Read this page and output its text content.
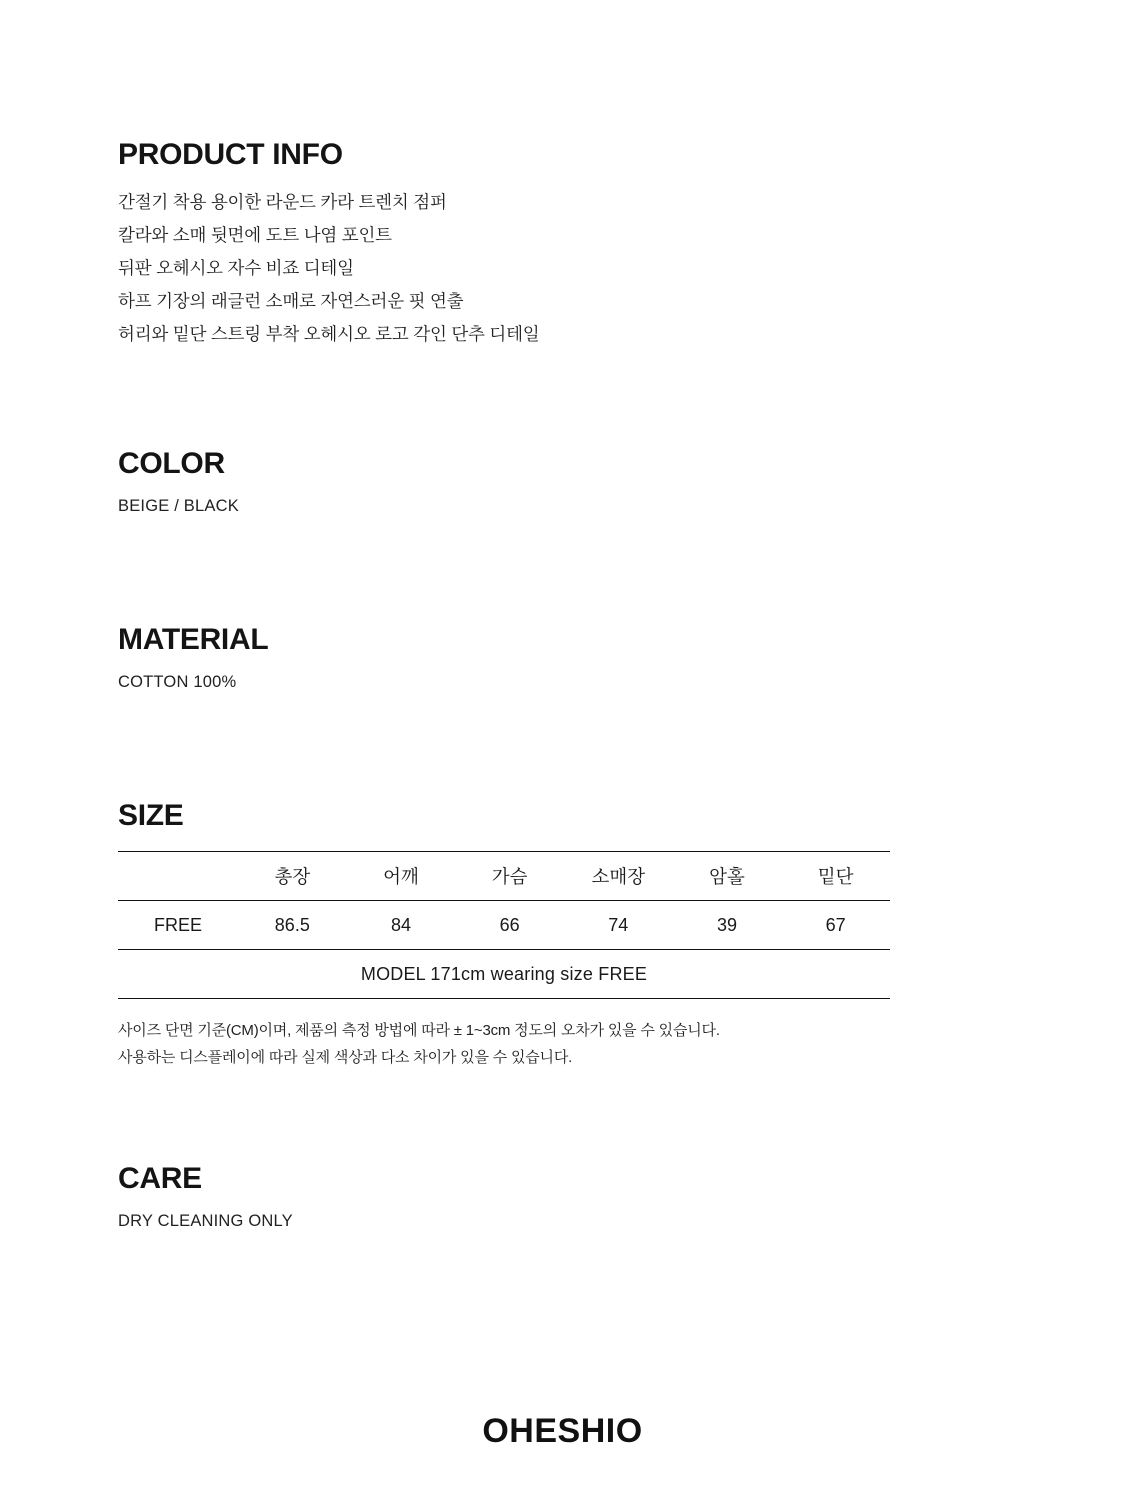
PRODUCT INFO
간절기 착용 용이한 라운드 카라 트렌치 점퍼
칼라와 소매 뒷면에 도트 나염 포인트
뒤판 오헤시오 자수 비죠 디테일
하프 기장의 래글런 소매로 자연스러운 핏 연출
허리와 밑단 스트링 부착 오헤시오 로고 각인 단추 디테일
COLOR
BEIGE / BLACK
MATERIAL
COTTON 100%
SIZE
	총장	어깨	가슴	소매장	암홀	밑단
FREE	86.5	84	66	74	39	67
MODEL 171cm wearing size FREE						
사이즈 단면 기준(CM)이며, 제품의 측정 방법에 따라 ± 1~3cm 정도의 오차가 있을 수 있습니다.
사용하는 디스플레이에 따라 실제 색상과 다소 차이가 있을 수 있습니다.
CARE
DRY CLEANING ONLY
OHESHIO
